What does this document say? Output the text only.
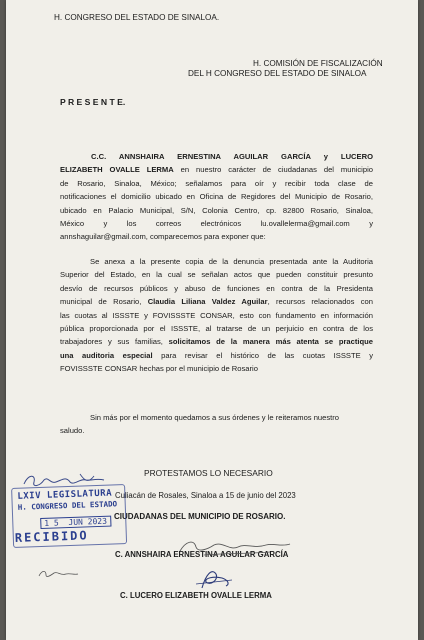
H. CONGRESO DEL ESTADO DE SINALOA.
H. COMISIÓN DE FISCALIZACIÓN
DEL H CONGRESO DEL ESTADO DE SINALOA
P R E S E N T E.
C.C. ANNSHAIRA ERNESTINA AGUILAR GARCÍA y LUCERO
ELIZABETH OVALLE LERMA en nuestro carácter de ciudadanas del municipio
de Rosario, Sinaloa, México; señalamos para oír y recibir toda clase de
notificaciones el domicilio ubicado en Oficina de Regidores del Municipio de Rosario,
ubicado en Palacio Municipal, S/N, Colonia Centro, cp. 82800 Rosario, Sinaloa,
México    y    los    correos    electrónicos    lu.ovallelerma@gmail.com    y
annshaguilar@gmail.com, comparecemos para exponer que:
Se anexa a la presente copia de la denuncia presentada ante la Auditoria
Superior del Estado, en la cual se señalan actos que pueden constituir presunto
desvío de recursos públicos y abuso de funciones en contra de la Presidenta
municipal de Rosario, Claudia Liliana Valdez Aguilar, recursos relacionados con
las cuotas al ISSSTE y FOVISSSTE CONSAR, esto con fundamento en información
pública proporcionada por el ISSSTE, al tratarse de un perjuicio en contra de los
trabajadores y sus familias, solicitamos de la manera más atenta se practique
una auditoria especial para revisar el histórico de las cuotas ISSSTE y
FOVISSSTE CONSAR hechas por el municipio de Rosario
Sin más por el momento quedamos a sus órdenes y le reiteramos nuestro
saludo.
PROTESTAMOS LO NECESARIO
Culiacán de Rosales, Sinaloa a 15 de junio del 2023
CIUDADANAS DEL MUNICIPIO DE ROSARIO.
C. ANNSHAIRA ERNESTINA AGUILAR GARCÍA
C. LUCERO ELIZABETH OVALLE LERMA
LXIV LEGISLATURA
H. CONGRESO DEL ESTADO
1 5  JUN 2023
RECIBIDO
